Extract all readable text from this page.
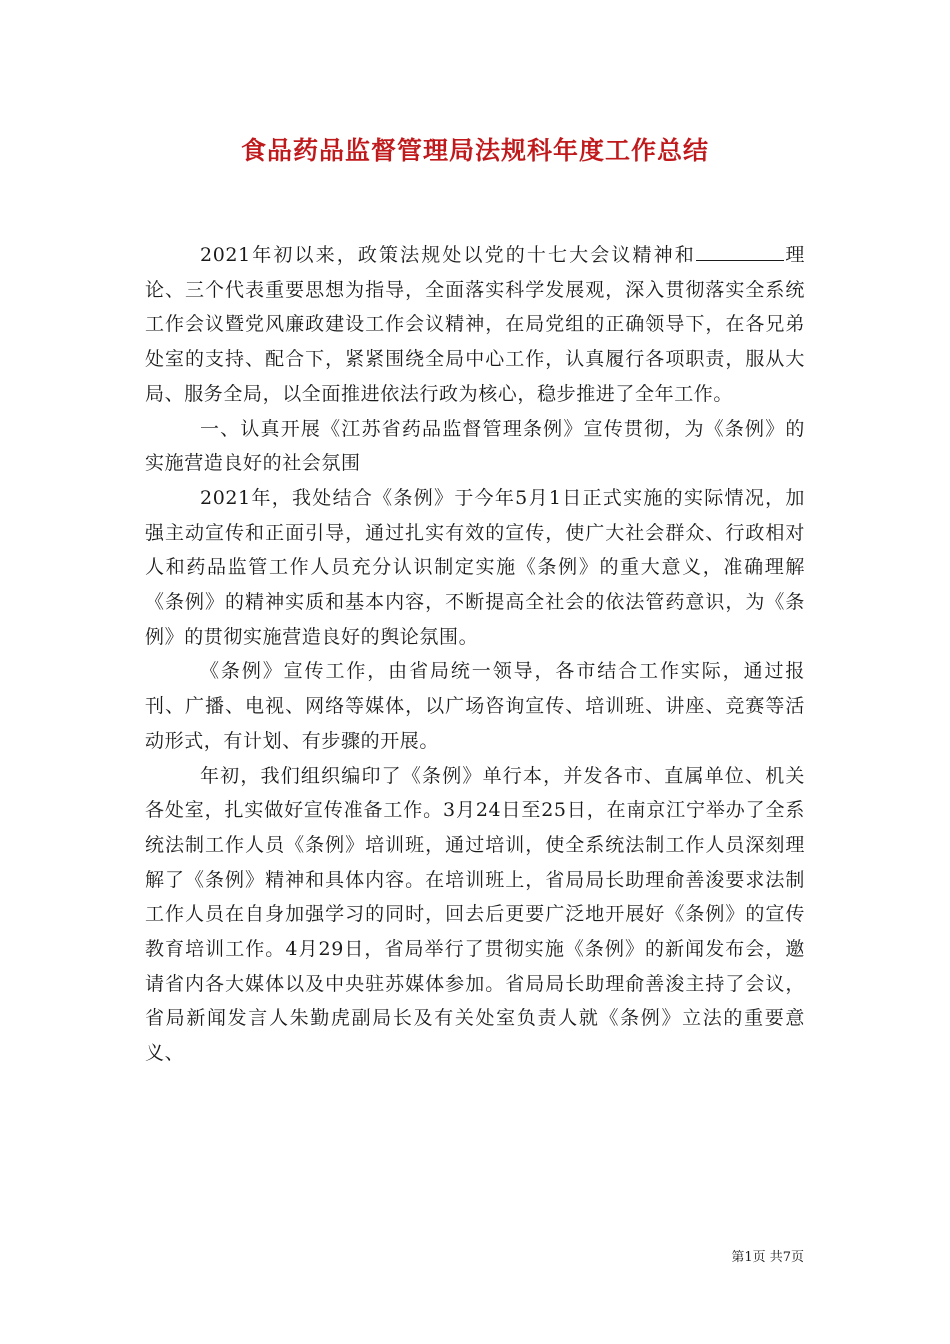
食品药品监督管理局法规科年度工作总结

2021年初以来，政策法规处以党的十七大会议精神和	理论、三个代表重要思想为指导，全面落实科学发展观，深入贯彻落实全系统工作会议暨党风廉政建设工作会议精神，在局党组的正确领导下，在各兄弟处室的支持、配合下，紧紧围绕全局中心工作，认真履行各项职责，服从大局、服务全局，以全面推进依法行政为核心，稳步推进了全年工作。

一、认真开展《江苏省药品监督管理条例》宣传贯彻，为《条例》的实施营造良好的社会氛围

2021年，我处结合《条例》于今年5月1日正式实施的实际情况，加强主动宣传和正面引导，通过扎实有效的宣传，使广大社会群众、行政相对人和药品监管工作人员充分认识制定实施《条例》的重大意义，准确理解《条例》的精神实质和基本内容，不断提高全社会的依法管药意识，为《条例》的贯彻实施营造良好的舆论氛围。

《条例》宣传工作，由省局统一领导，各市结合工作实际，通过报刊、广播、电视、网络等媒体，以广场咨询宣传、培训班、讲座、竞赛等活动形式，有计划、有步骤的开展。

年初，我们组织编印了《条例》单行本，并发各市、直属单位、机关各处室，扎实做好宣传准备工作。3月24日至25日，在南京江宁举办了全系统法制工作人员《条例》培训班，通过培训，使全系统法制工作人员深刻理解了《条例》精神和具体内容。在培训班上，省局局长助理俞善浚要求法制工作人员在自身加强学习的同时，回去后更要广泛地开展好《条例》的宣传教育培训工作。4月29日，省局举行了贯彻实施《条例》的新闻发布会，邀请省内各大媒体以及中央驻苏媒体参加。省局局长助理俞善浚主持了会议，省局新闻发言人朱勤虎副局长及有关处室负责人就《条例》立法的重要意义、

第1页 共7页
